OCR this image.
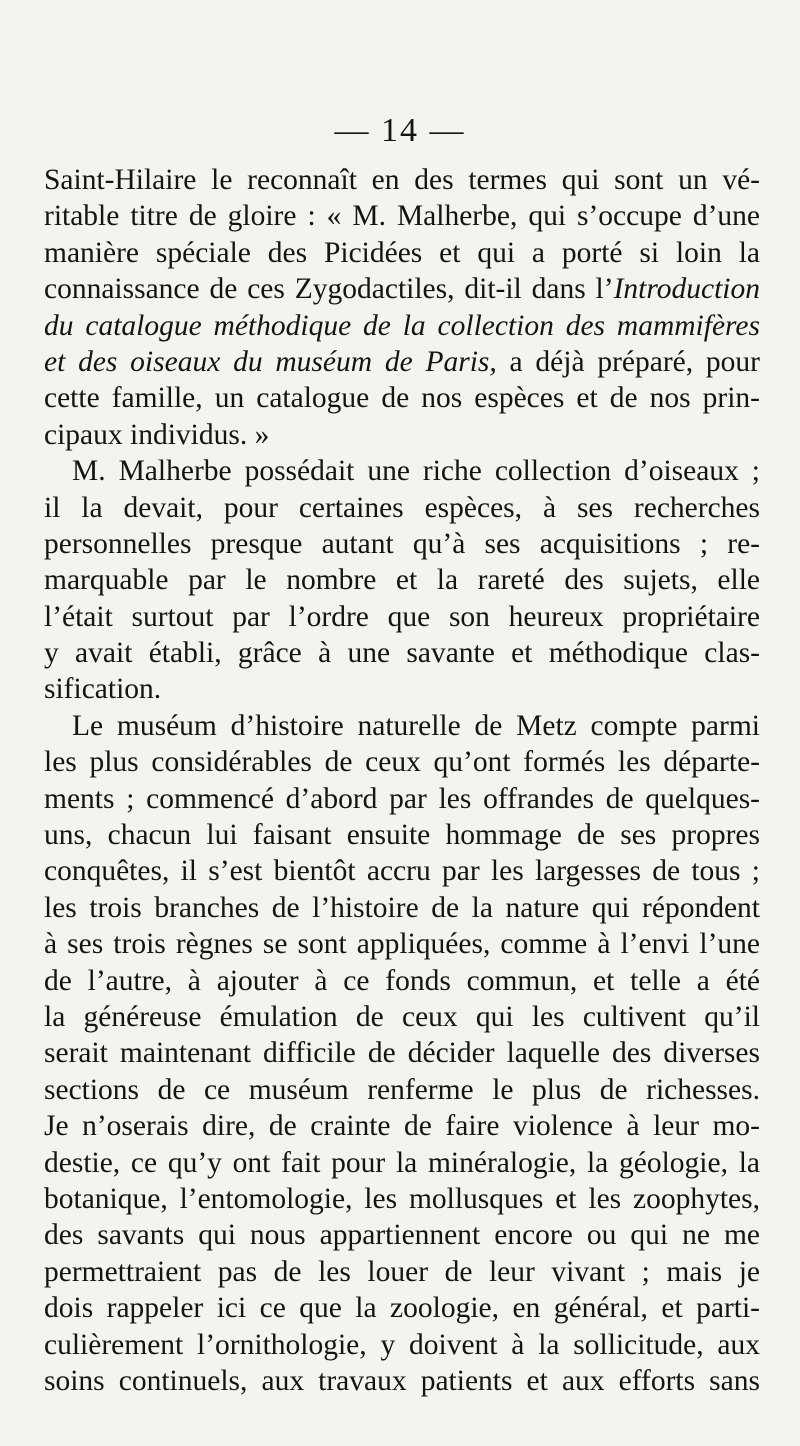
— 14 —
Saint-Hilaire le reconnaît en des termes qui sont un vé-
ritable titre de gloire : « M. Malherbe, qui s’occupe d’une
manière spéciale des Picidées et qui a porté si loin la
connaissance de ces Zygodactiles, dit-il dans l’Introduction
du catalogue méthodique de la collection des mammifères
et des oiseaux du muséum de Paris, a déjà préparé, pour
cette famille, un catalogue de nos espèces et de nos prin-
cipaux individus. »
M. Malherbe possédait une riche collection d’oiseaux ;
il la devait, pour certaines espèces, à ses recherches
personnelles presque autant qu’à ses acquisitions ; re-
marquable par le nombre et la rareté des sujets, elle
l’était surtout par l’ordre que son heureux propriétaire
y avait établi, grâce à une savante et méthodique clas-
sification.
Le muséum d’histoire naturelle de Metz compte parmi
les plus considérables de ceux qu’ont formés les départe-
ments ; commencé d’abord par les offrandes de quelques-
uns, chacun lui faisant ensuite hommage de ses propres
conquêtes, il s’est bientôt accru par les largesses de tous ;
les trois branches de l’histoire de la nature qui répondent
à ses trois règnes se sont appliquées, comme à l’envi l’une
de l’autre, à ajouter à ce fonds commun, et telle a été
la généreuse émulation de ceux qui les cultivent qu’il
serait maintenant difficile de décider laquelle des diverses
sections de ce muséum renferme le plus de richesses.
Je n’oserais dire, de crainte de faire violence à leur mo-
destie, ce qu’y ont fait pour la minéralogie, la géologie, la
botanique, l’entomologie, les mollusques et les zoophytes,
des savants qui nous appartiennent encore ou qui ne me
permettraient pas de les louer de leur vivant ; mais je
dois rappeler ici ce que la zoologie, en général, et parti-
culièrement l’ornithologie, y doivent à la sollicitude, aux
soins continuels, aux travaux patients et aux efforts sans
